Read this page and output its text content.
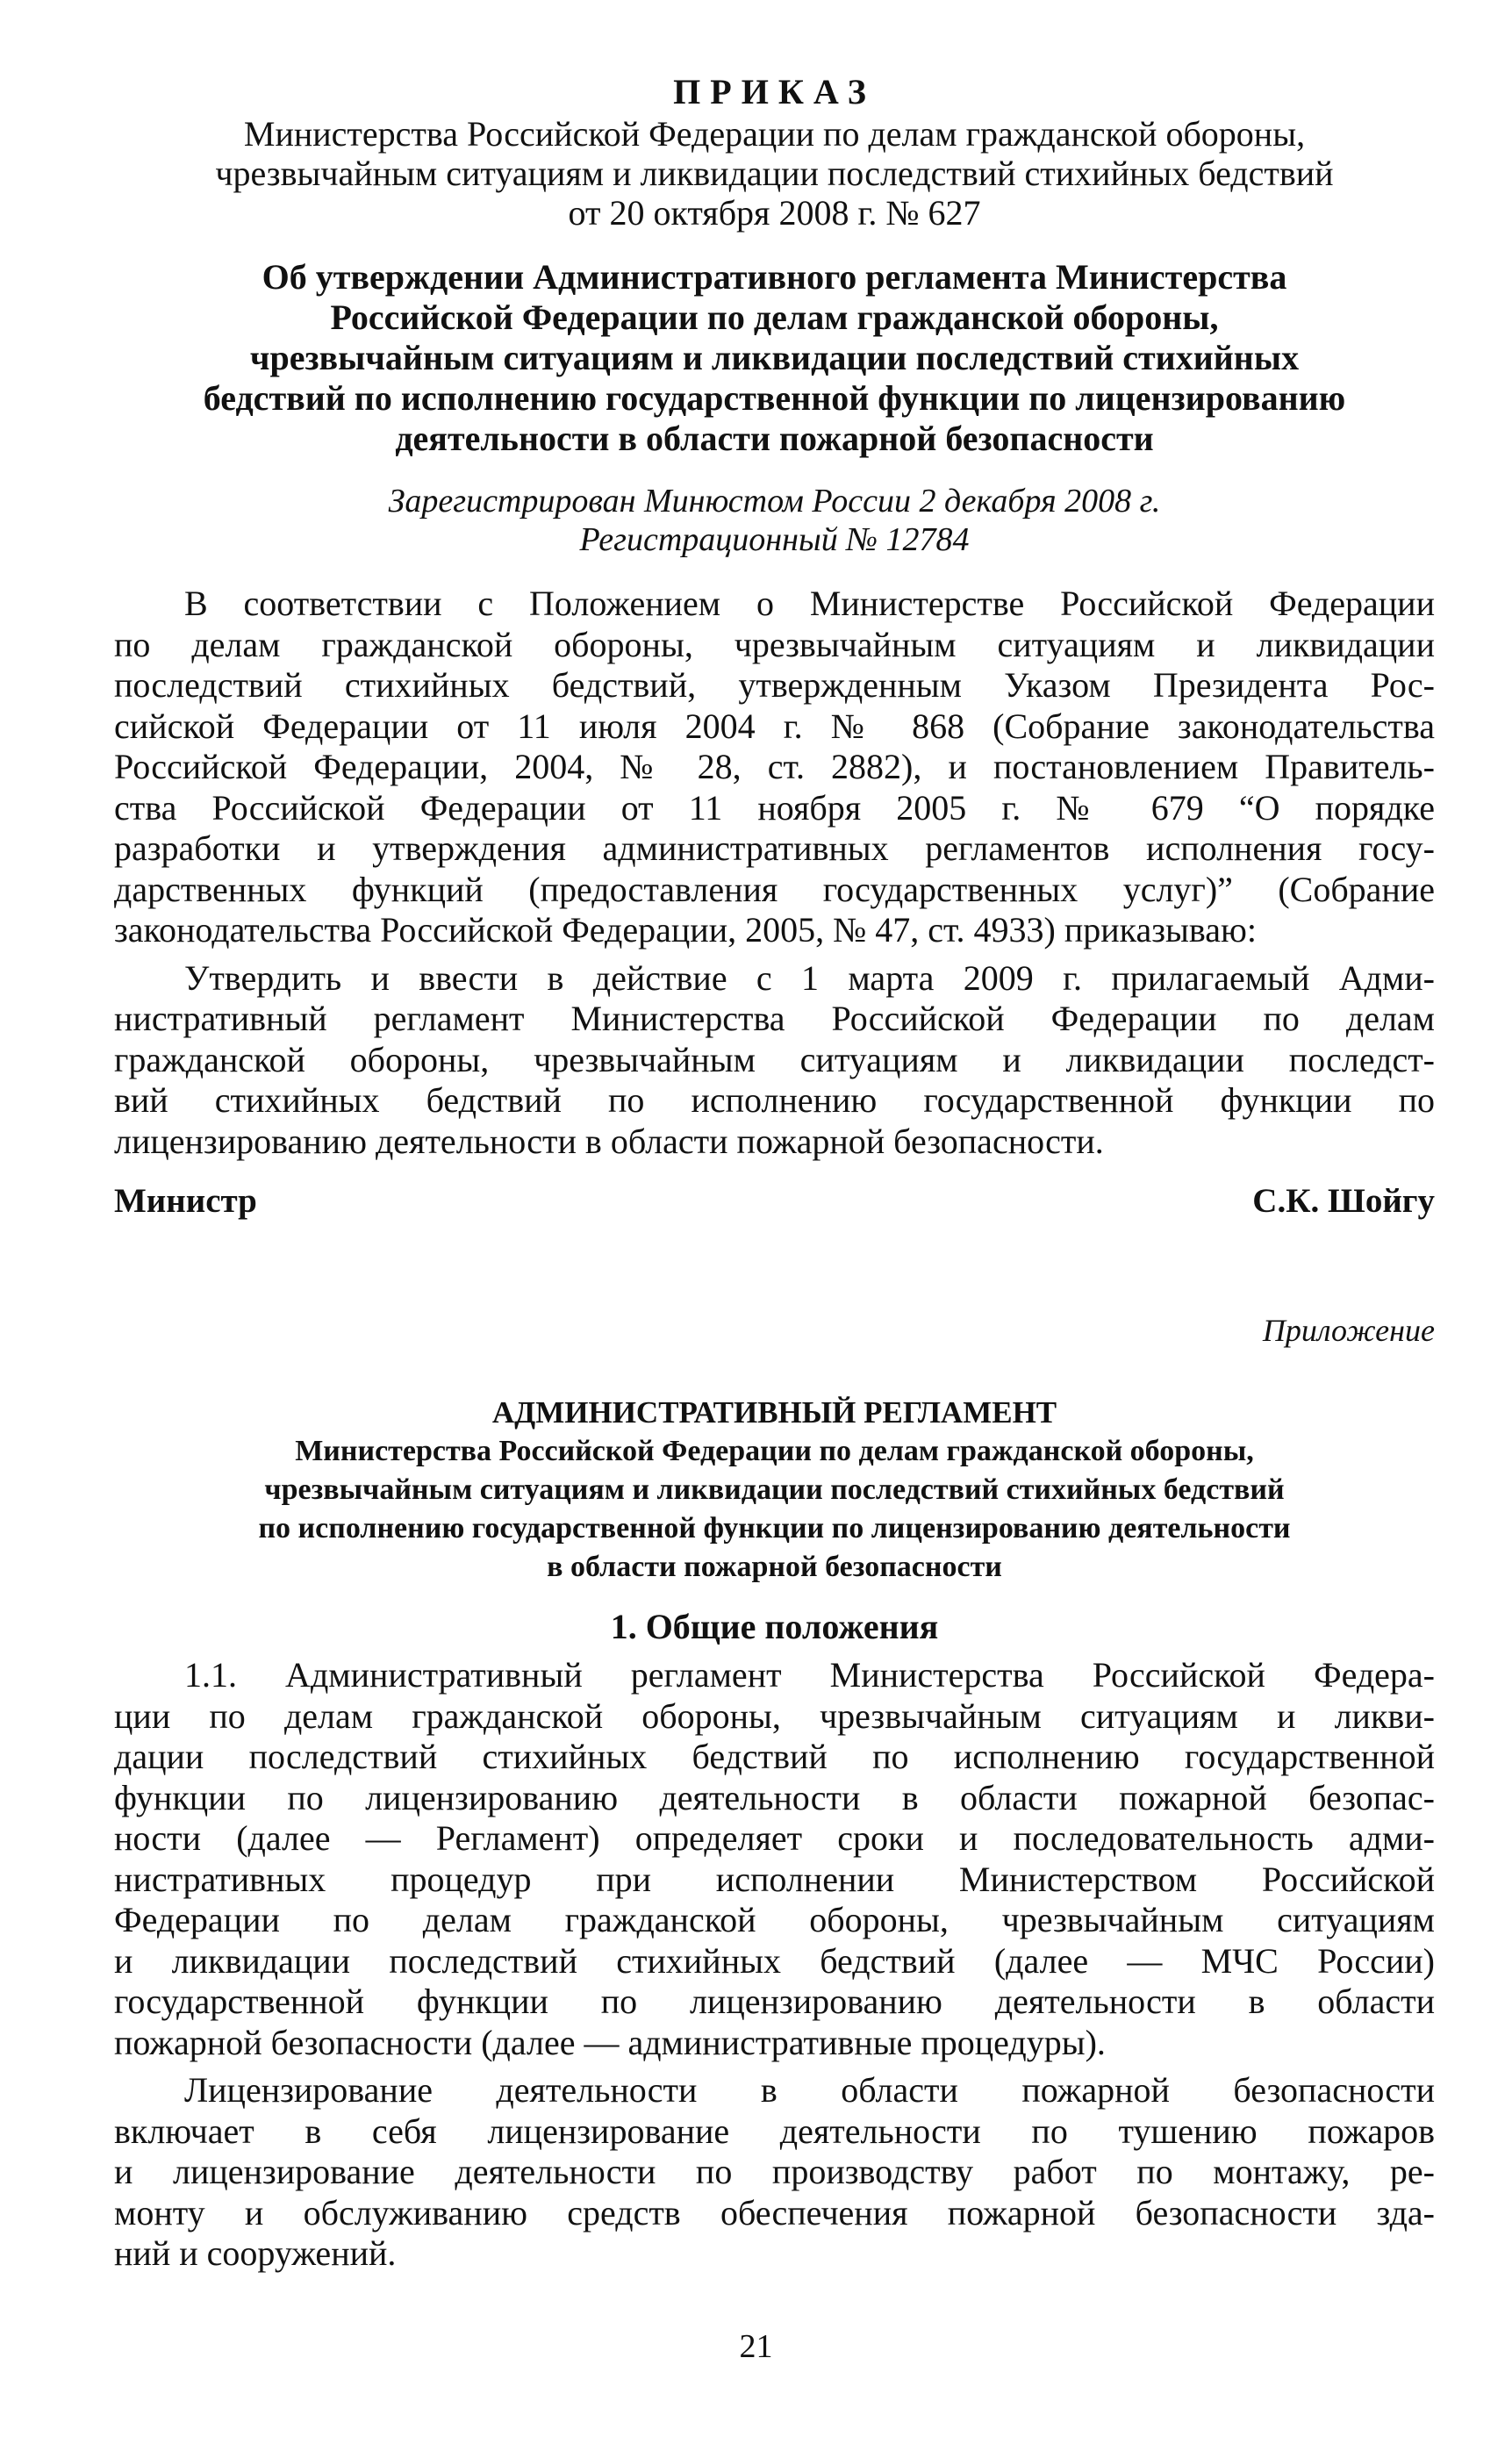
ПРИКАЗ

Министерства Российской Федерации по делам гражданской обороны,
чрезвычайным ситуациям и ликвидации последствий стихийных бедствий
от 20 октября 2008 г. № 627
Об утверждении Административного регламента Министерства
Российской Федерации по делам гражданской обороны,
чрезвычайным ситуациям и ликвидации последствий стихийных
бедствий по исполнению государственной функции по лицензированию
деятельности в области пожарной безопасности
Зарегистрирован Минюстом России 2 декабря 2008 г.
Регистрационный № 12784
В соответствии с Положением о Министерстве Российской Федерации
по делам гражданской обороны, чрезвычайным ситуациям и ликвидации
последствий стихийных бедствий, утвержденным Указом Президента Рос-
сийской Федерации от 11 июля 2004 г. № 868 (Собрание законодательства
Российской Федерации, 2004, № 28, ст. 2882), и постановлением Правитель-
ства Российской Федерации от 11 ноября 2005 г. № 679 “О порядке
разработки и утверждения административных регламентов исполнения госу-
дарственных функций (предоставления государственных услуг)” (Собрание
законодательства Российской Федерации, 2005, № 47, ст. 4933) приказываю:
Утвердить и ввести в действие с 1 марта 2009 г. прилагаемый Адми-
нистративный регламент Министерства Российской Федерации по делам
гражданской обороны, чрезвычайным ситуациям и ликвидации последст-
вий стихийных бедствий по исполнению государственной функции по
лицензированию деятельности в области пожарной безопасности.
Министр	С.К. Шойгу
Приложение
АДМИНИСТРАТИВНЫЙ РЕГЛАМЕНТ
Министерства Российской Федерации по делам гражданской обороны,
чрезвычайным ситуациям и ликвидации последствий стихийных бедствий
по исполнению государственной функции по лицензированию деятельности
в области пожарной безопасности
1. Общие положения
1.1. Административный регламент Министерства Российской Федера-
ции по делам гражданской обороны, чрезвычайным ситуациям и ликви-
дации последствий стихийных бедствий по исполнению государственной
функции по лицензированию деятельности в области пожарной безопас-
ности (далее — Регламент) определяет сроки и последовательность адми-
нистративных процедур при исполнении Министерством Российской
Федерации по делам гражданской обороны, чрезвычайным ситуациям
и ликвидации последствий стихийных бедствий (далее — МЧС России)
государственной функции по лицензированию деятельности в области
пожарной безопасности (далее — административные процедуры).
Лицензирование деятельности в области пожарной безопасности
включает в себя лицензирование деятельности по тушению пожаров
и лицензирование деятельности по производству работ по монтажу, ре-
монту и обслуживанию средств обеспечения пожарной безопасности зда-
ний и сооружений.
21
